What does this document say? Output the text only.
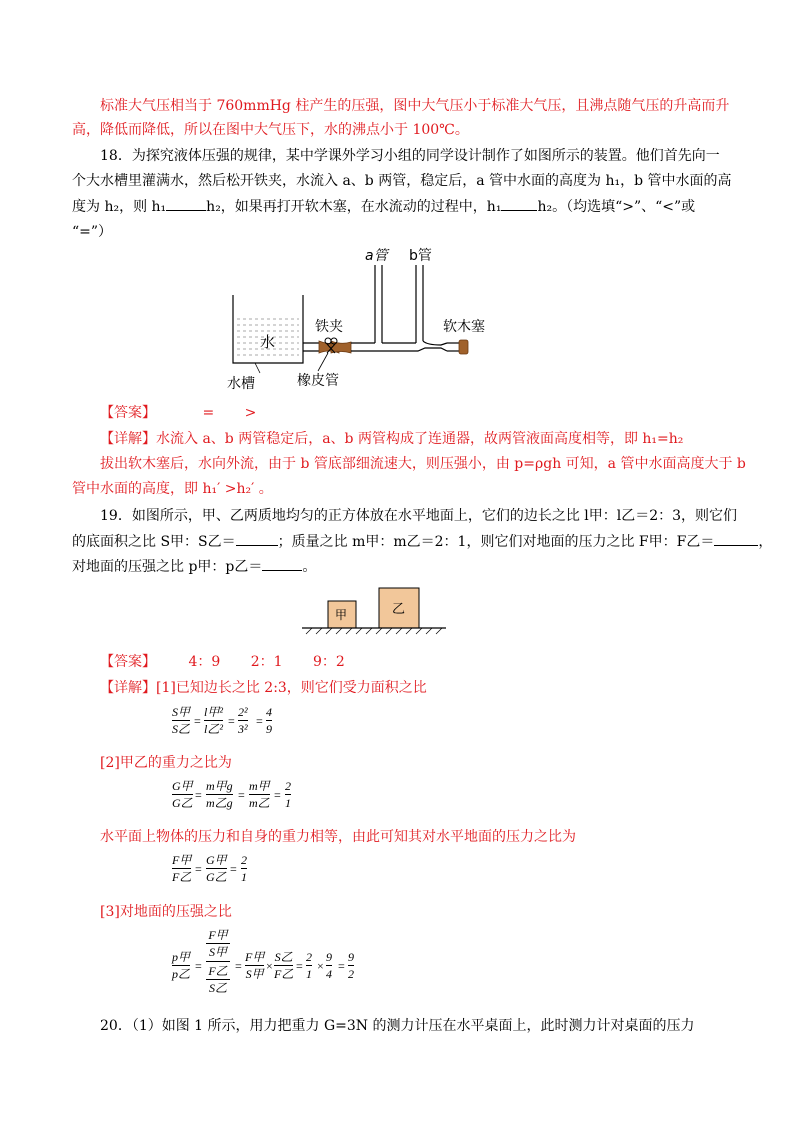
标准大气压相当于 760mmHg 柱产生的压强，图中大气压小于标准大气压，且沸点随气压的升高而升
高，降低而降低，所以在图中大气压下，水的沸点小于 100℃。
18．为探究液体压强的规律，某中学课外学习小组的同学设计制作了如图所示的装置。他们首先向一
个大水槽里灌满水，然后松开铁夹，水流入 a、b 两管，稳定后，a 管中水面的高度为 h₁，b 管中水面的高
度为 h₂，则 h₁	h₂，如果再打开软木塞，在水流动的过程中，h₁	h₂。（均选填“>”、“<”或
“=”）
水
a管 b管
铁夹	软木塞
水槽	橡皮管
【答案】	= >
【详解】水流入 a、b 两管稳定后，a、b 两管构成了连通器，故两管液面高度相等，即 h₁=h₂
拔出软木塞后，水向外流，由于 b 管底部细流速大，则压强小，由 p=ρgh 可知，a 管中水面高度大于 b
管中水面的高度，即 h₁′ >h₂′ 。
19．如图所示，甲、乙两质地均匀的正方体放在水平地面上，它们的边长之比 l甲：l乙＝2：3，则它们
的底面积之比 S甲：S乙＝	；质量之比 m甲：m乙＝2：1，则它们对地面的压力之比 F甲：F乙＝	，
对地面的压强之比 p甲：p乙＝	。
甲	乙
【答案】 4：9 2：1 9：2
【详解】[1]已知边长之比 2:3，则它们受力面积之比
S甲
S乙
=
l甲²
l乙²
=
2²
3²
=
4
9
[2]甲乙的重力之比为
G甲
G乙
=
m甲g
m乙g
=
m甲
m乙
=
2
1
水平面上物体的压力和自身的重力相等，由此可知其对水平地面的压力之比为
F甲
F乙
=
G甲
G乙
=
2
1
[3]对地面的压强之比
p甲
p乙
=
F甲
S甲
F乙
S乙
=
F甲
S甲
×
S乙
F乙
=
2
1
×
9
4
=
9
2
20．（1）如图 1 所示，用力把重力 G=3N 的测力计压在水平桌面上，此时测力计对桌面的压力
